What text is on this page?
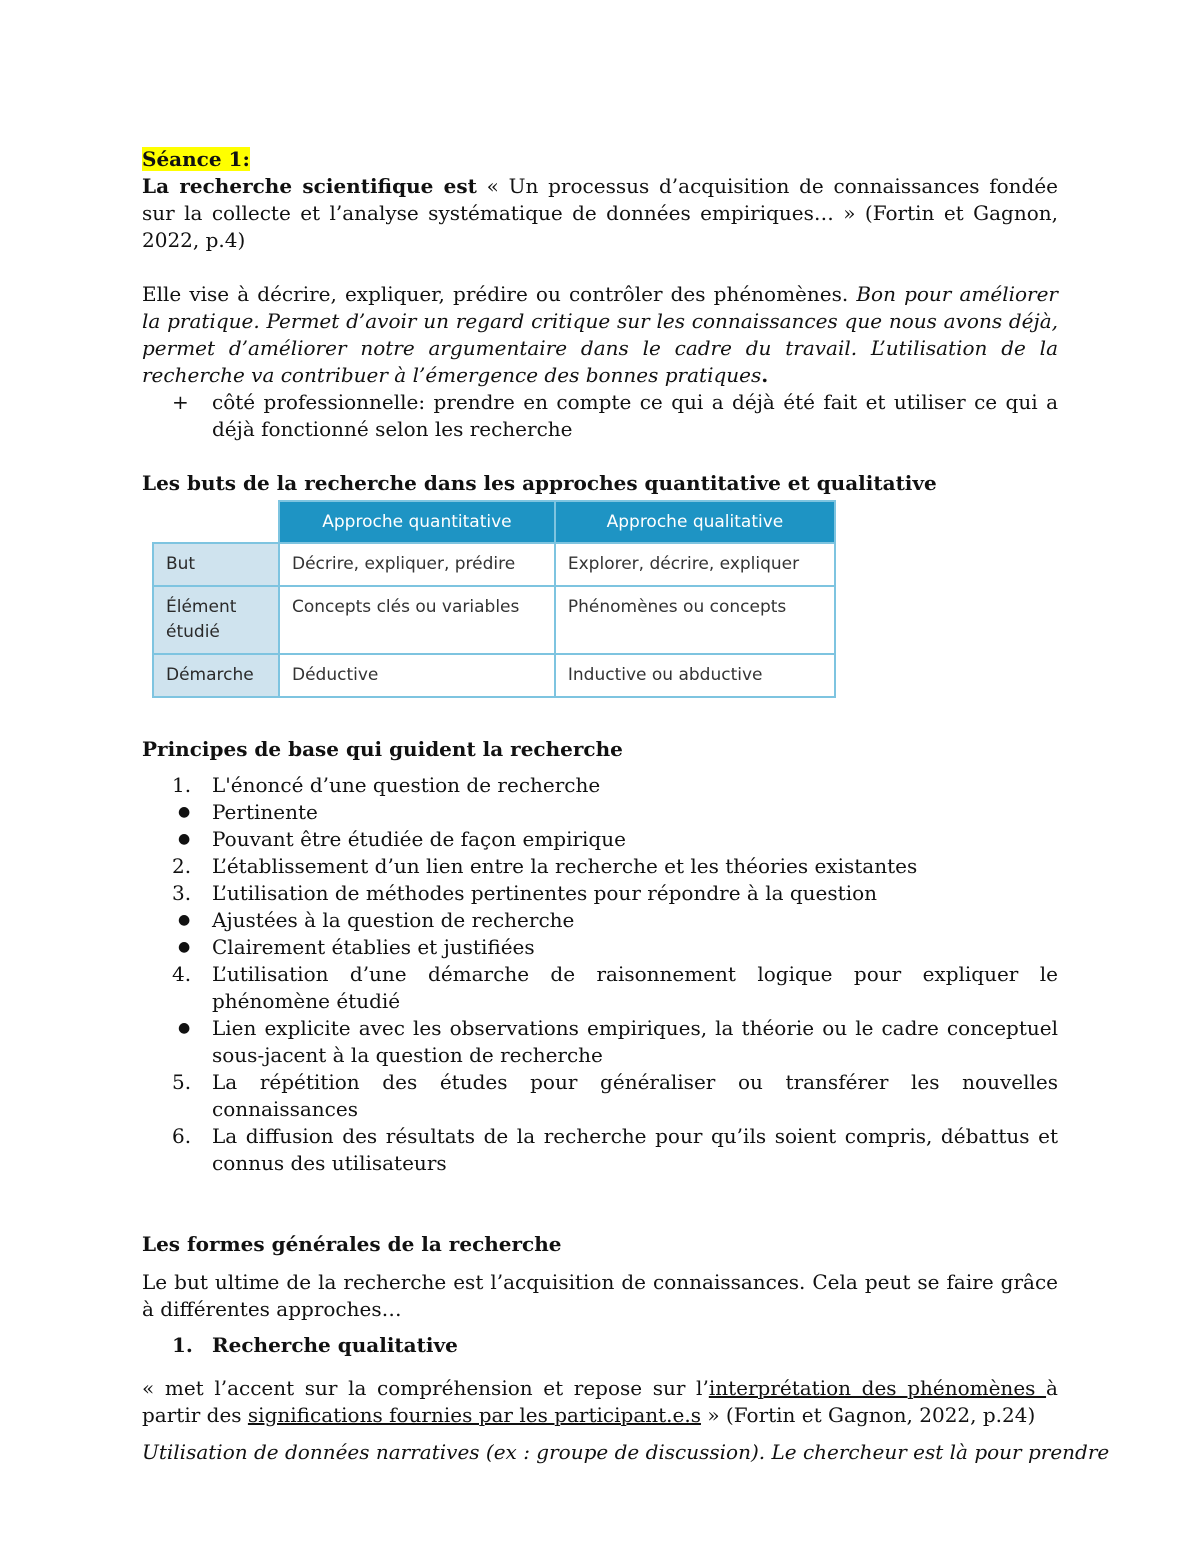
Séance 1:

La recherche scientifique est « Un processus d’acquisition de connaissances fondée sur la collecte et l’analyse systématique de données empiriques… » (Fortin et Gagnon, 2022, p.4)

Elle vise à décrire, expliquer, prédire ou contrôler des phénomènes. Bon pour améliorer la pratique. Permet d’avoir un regard critique sur les connaissances que nous avons déjà, permet d’améliorer notre argumentaire dans le cadre du travail. L’utilisation de la recherche va contribuer à l’émergence des bonnes pratiques.

+	côté professionnelle: prendre en compte ce qui a déjà été fait et utiliser ce qui a déjà fonctionné selon les recherche

Les buts de la recherche dans les approches quantitative et qualitative

	Approche quantitative	Approche qualitative
But	Décrire, expliquer, prédire	Explorer, décrire, expliquer
Élément étudié	Concepts clés ou variables	Phénomènes ou concepts
Démarche	Déductive	Inductive ou abductive

Principes de base qui guident la recherche

1.	L'énoncé d’une question de recherche
●	Pertinente
●	Pouvant être étudiée de façon empirique
2.	L’établissement d’un lien entre la recherche et les théories existantes
3.	L’utilisation de méthodes pertinentes pour répondre à la question
●	Ajustées à la question de recherche
●	Clairement établies et justifiées
4.	L’utilisation d’une démarche de raisonnement logique pour expliquer le phénomène étudié
●	Lien explicite avec les observations empiriques, la théorie ou le cadre conceptuel sous-jacent à la question de recherche
5.	La répétition des études pour généraliser ou transférer les nouvelles connaissances
6.	La diffusion des résultats de la recherche pour qu’ils soient compris, débattus et connus des utilisateurs

Les formes générales de la recherche

Le but ultime de la recherche est l’acquisition de connaissances. Cela peut se faire grâce à différentes approches…

1. Recherche qualitative

« met l’accent sur la compréhension et repose sur l’interprétation des phénomènes à partir des significations fournies par les participant.e.s » (Fortin et Gagnon, 2022, p.24)

Utilisation de données narratives (ex : groupe de discussion). Le chercheur est là pour prendre
